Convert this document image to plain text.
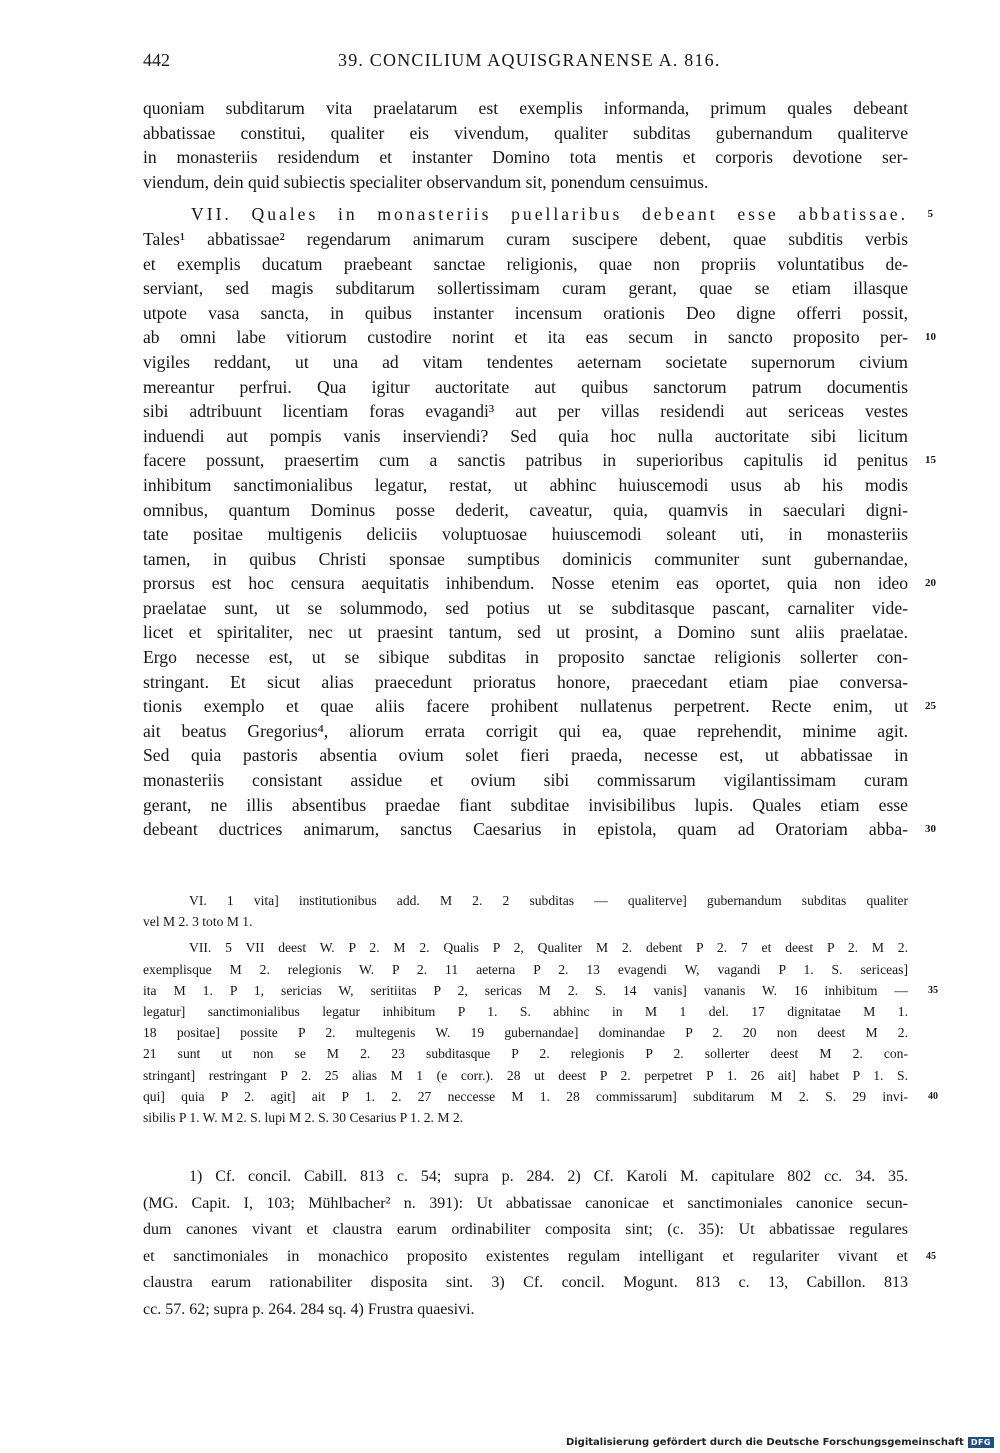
442	39. CONCILIUM AQUISGRANENSE A. 816.
quoniam subditarum vita praelatarum est exemplis informanda, primum quales debeant
abbatissae constitui, qualiter eis vivendum, qualiter subditas gubernandum qualiterve
in monasteriis residendum et instanter Domino tota mentis et corporis devotione ser-
viendum, dein quid subiectis specialiter observandum sit, ponendum censuimus.
VII. Quales in monasteriis puellaribus debeant esse abbatissae. 5
Tales¹ abbatissae² regendarum animarum curam suscipere debent, quae subditis verbis
et exemplis ducatum praebeant sanctae religionis, quae non propriis voluntatibus de-
serviant, sed magis subditarum sollertissimam curam gerant, quae se etiam illasque
utpote vasa sancta, in quibus instanter incensum orationis Deo digne offerri possit,
ab omni labe vitiorum custodire norint et ita eas secum in sancto proposito per- 10
vigiles reddant, ut una ad vitam tendentes aeternam societate supernorum civium
mereantur perfrui. Qua igitur auctoritate aut quibus sanctorum patrum documentis
sibi adtribuunt licentiam foras evagandi³ aut per villas residendi aut sericeas vestes
induendi aut pompis vanis inserviendi? Sed quia hoc nulla auctoritate sibi licitum
facere possunt, praesertim cum a sanctis patribus in superioribus capitulis id penitus 15
inhibitum sanctimonialibus legatur, restat, ut abhinc huiuscemodi usus ab his modis
omnibus, quantum Dominus posse dederit, caveatur, quia, quamvis in saeculari digni-
tate positae multigenis deliciis voluptuosae huiuscemodi soleant uti, in monasteriis
tamen, in quibus Christi sponsae sumptibus dominicis communiter sunt gubernandae,
prorsus est hoc censura aequitatis inhibendum. Nosse etenim eas oportet, quia non ideo 20
praelatae sunt, ut se solummodo, sed potius ut se subditasque pascant, carnaliter vide-
licet et spiritaliter, nec ut praesint tantum, sed ut prosint, a Domino sunt aliis praelatae.
Ergo necesse est, ut se sibique subditas in proposito sanctae religionis sollerter con-
stringant. Et sicut alias praecedunt prioratus honore, praecedant etiam piae conversa-
tionis exemplo et quae aliis facere prohibent nullatenus perpetrent. Recte enim, ut 25
ait beatus Gregorius⁴, aliorum errata corrigit qui ea, quae reprehendit, minime agit.
Sed quia pastoris absentia ovium solet fieri praeda, necesse est, ut abbatissae in
monasteriis consistant assidue et ovium sibi commissarum vigilantissimam curam
gerant, ne illis absentibus praedae fiant subditae invisibilibus lupis. Quales etiam esse
debeant ductrices animarum, sanctus Caesarius in epistola, quam ad Oratoriam abba- 30
VI. 1 vita] institutionibus add. M 2. 2 subditas — qualiterve] gubernandum subditas qualiter
vel M 2. 3 toto M 1.
VII. 5 VII deest W. P 2. M 2. Qualis P 2, Qualiter M 2. debent P 2. 7 et deest P 2. M 2.
exemplisque M 2. relegionis W. P 2. 11 aeterna P 2. 13 evagendi W, vagandi P 1. S. sericeas]
ita M 1. P 1, sericias W, seritiitas P 2, sericas M 2. S. 14 vanis] vananis W. 16 inhibitum — 35
legatur] sanctimonialibus legatur inhibitum P 1. S. abhinc in M 1 del. 17 dignitatae M 1.
18 positae] possite P 2. multegenis W. 19 gubernandae] dominandae P 2. 20 non deest M 2.
21 sunt ut non se M 2. 23 subditasque P 2. relegionis P 2. sollerter deest M 2. con-
stringant] restringant P 2. 25 alias M 1 (e corr.). 28 ut deest P 2. perpetret P 1. 26 ait] habet P 1. S.
qui] quia P 2. agit] ait P 1. 2. 27 neccesse M 1. 28 commissarum] subditarum M 2. S. 29 invi- 40
sibilis P 1. W. M 2. S. lupi M 2. S. 30 Cesarius P 1. 2. M 2.
1) Cf. concil. Cabill. 813 c. 54; supra p. 284. 2) Cf. Karoli M. capitulare 802 cc. 34. 35.
(MG. Capit. I, 103; Mühlbacher² n. 391): Ut abbatissae canonicae et sanctimoniales canonice secun-
dum canones vivant et claustra earum ordinabiliter composita sint; (c. 35): Ut abbatissae regulares
et sanctimoniales in monachico proposito existentes regulam intelligant et regulariter vivant et 45
claustra earum rationabiliter disposita sint. 3) Cf. concil. Mogunt. 813 c. 13, Cabillon. 813
cc. 57. 62; supra p. 264. 284 sq. 4) Frustra quaesivi.
Digitalisierung gefördert durch die Deutsche Forschungsgemeinschaft DFG
